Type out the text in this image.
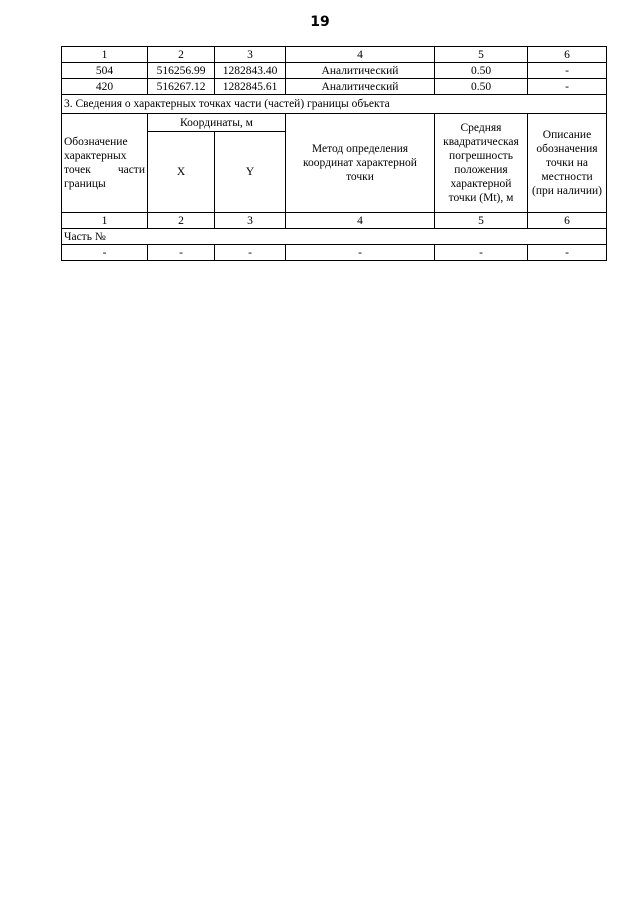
19
1	2	3	4	5	6
504	516256.99	1282843.40	Аналитический	0.50	-
420	516267.12	1282845.61	Аналитический	0.50	-
3. Сведения о характерных точках части (частей) границы объекта					
Обозначение характерных точек части границы	Координаты, м		Метод определения координат характерной точки	Средняя квадратическая погрешность положения характерной точки (Mt), м	Описание обозначения точки на местности (при наличии)
	X	Y			
1	2	3	4	5	6
Часть №					
-	-	-	-	-	-
